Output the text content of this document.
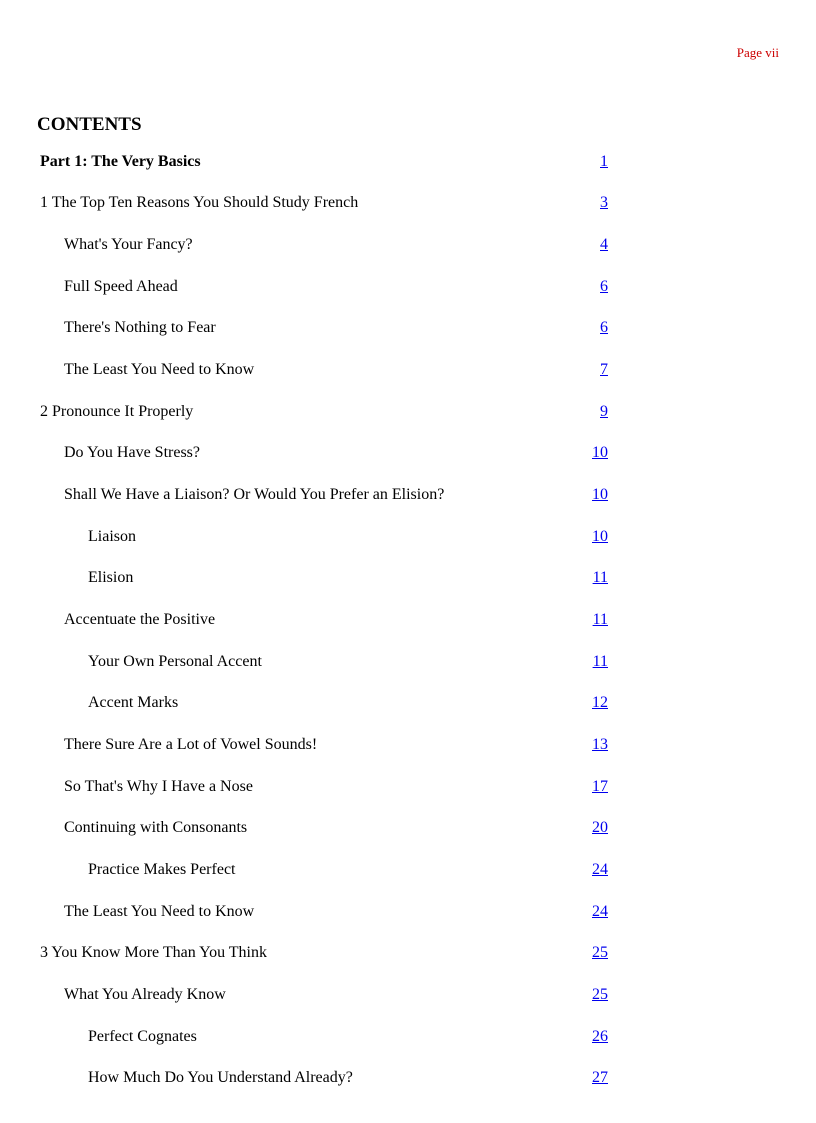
Page vii
CONTENTS
Part 1: The Very Basics	1
1 The Top Ten Reasons You Should Study French	3
What's Your Fancy?	4
Full Speed Ahead	6
There's Nothing to Fear	6
The Least You Need to Know	7
2 Pronounce It Properly	9
Do You Have Stress?	10
Shall We Have a Liaison? Or Would You Prefer an Elision?	10
Liaison	10
Elision	11
Accentuate the Positive	11
Your Own Personal Accent	11
Accent Marks	12
There Sure Are a Lot of Vowel Sounds!	13
So That's Why I Have a Nose	17
Continuing with Consonants	20
Practice Makes Perfect	24
The Least You Need to Know	24
3 You Know More Than You Think	25
What You Already Know	25
Perfect Cognates	26
How Much Do You Understand Already?	27
